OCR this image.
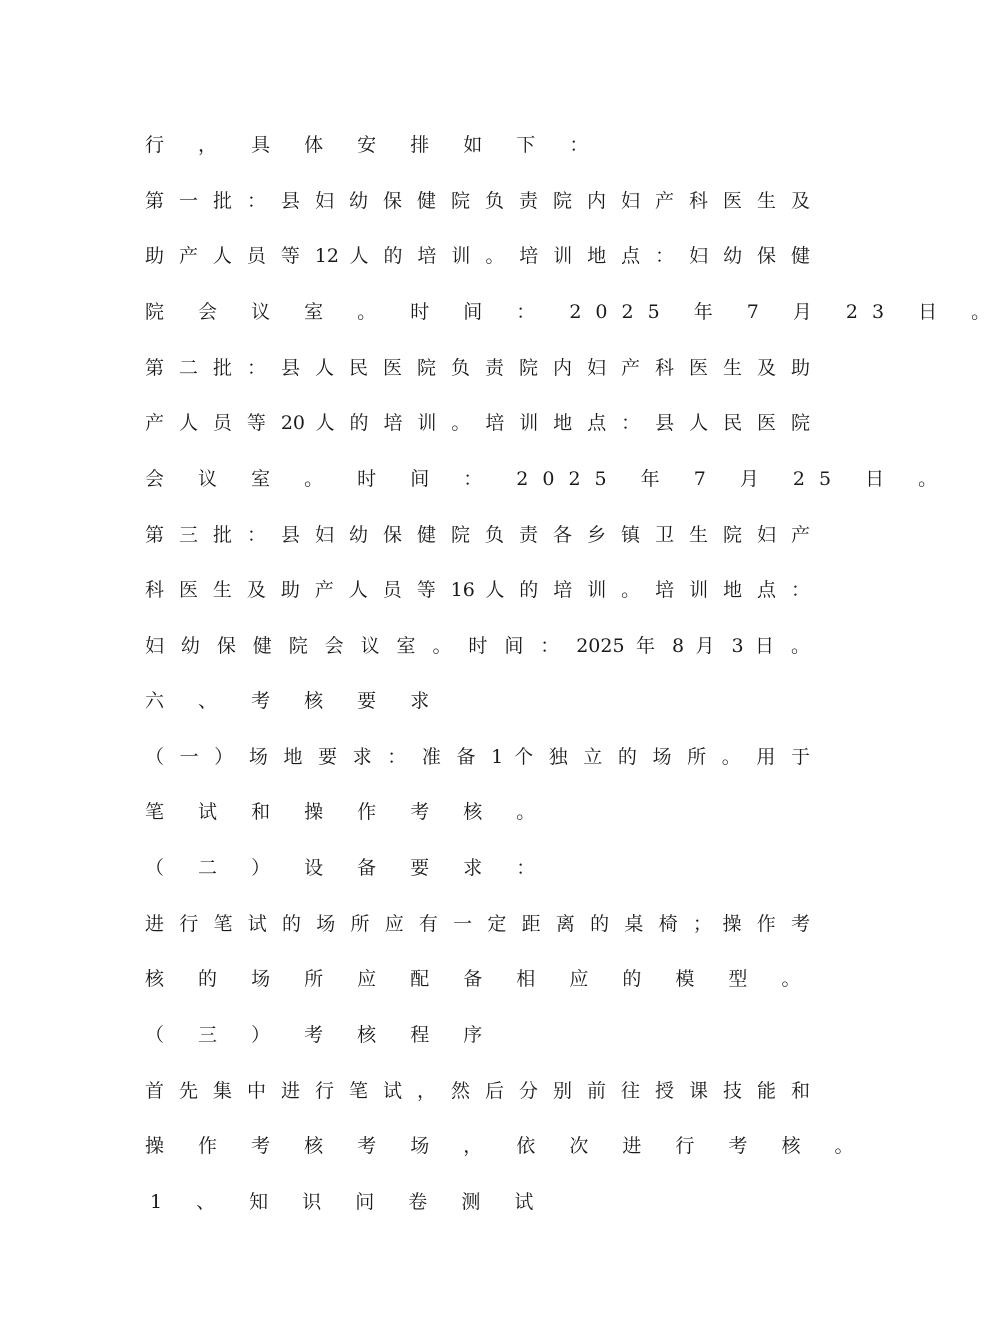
行 ， 具 体 安 排 如 下 ：
第 一 批 ： 县 妇 幼 保 健 院 负 责 院 内 妇 产 科 医 生 及
助 产 人 员 等 12 人 的 培 训 。 培 训 地 点 ： 妇 幼 保 健
院 会 议 室 。 时 间 ： 2025 年 7 月 23 日 。
第 二 批 ： 县 人 民 医 院 负 责 院 内 妇 产 科 医 生 及 助
产 人 员 等 20 人 的 培 训 。 培 训 地 点 ： 县 人 民 医 院
会 议 室 。 时 间 ： 2025 年 7 月 25 日 。
第 三 批 ： 县 妇 幼 保 健 院 负 责 各 乡 镇 卫 生 院 妇 产
科 医 生 及 助 产 人 员 等 16 人 的 培 训 。 培 训 地 点 ：
妇 幼 保 健 院 会 议 室 。 时 间 ： 2025 年 8 月 3 日 。
六 、 考 核 要 求
（ 一 ） 场 地 要 求 ： 准 备 1 个 独 立 的 场 所 。 用 于
笔 试 和 操 作 考 核 。
（ 二 ） 设 备 要 求 ：
进 行 笔 试 的 场 所 应 有 一 定 距 离 的 桌 椅 ； 操 作 考
核 的 场 所 应 配 备 相 应 的 模 型 。
（ 三 ） 考 核 程 序
首 先 集 中 进 行 笔 试 ， 然 后 分 别 前 往 授 课 技 能 和
操 作 考 核 考 场 ， 依 次 进 行 考 核 。
1 、 知 识 问 卷 测 试
